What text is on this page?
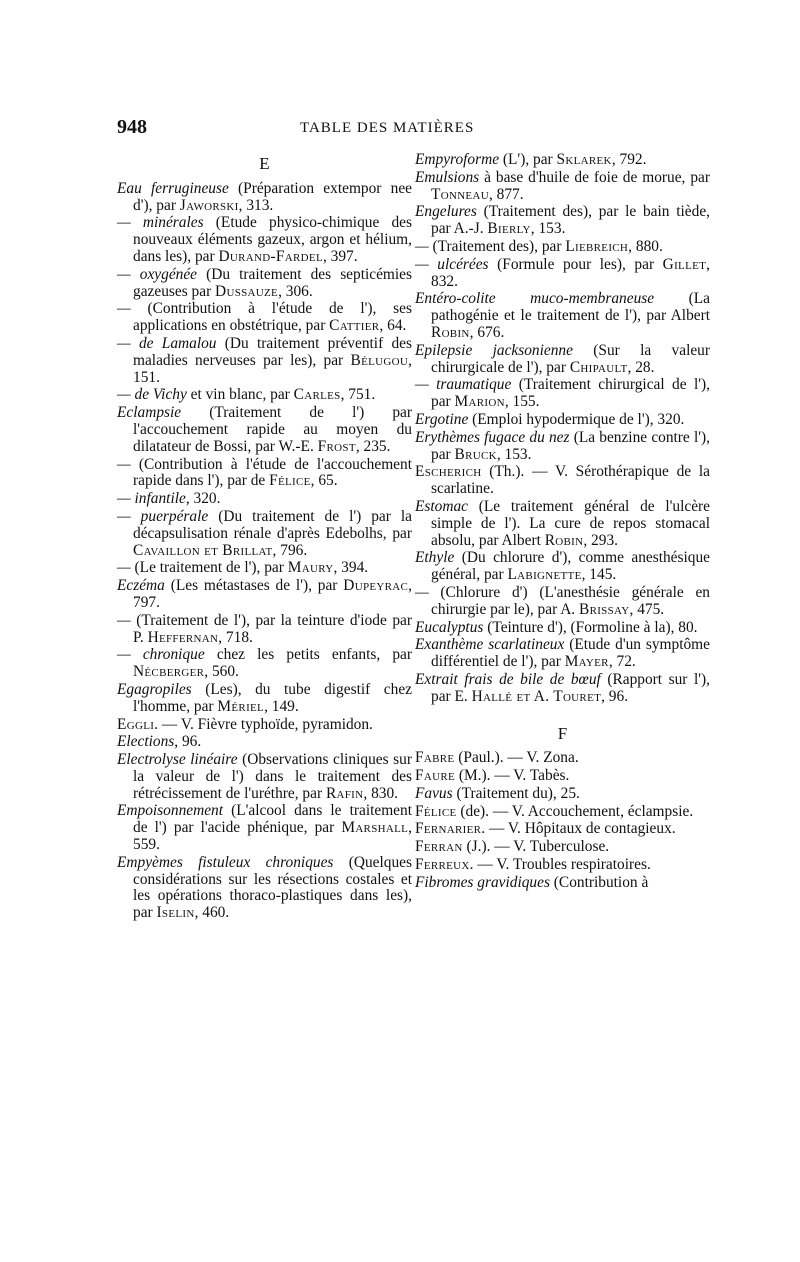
948	TABLE DES MATIÈRES
E

Eau ferrugineuse (Préparation extempor nee d'), par Jaworski, 313.

— minérales (Etude physico-chimique des nouveaux éléments gazeux, argon et hélium, dans les), par Durand-Fardel, 397.

— oxygénée (Du traitement des septicémies gazeuses par Dussauze, 306.

— (Contribution à l'étude de l'), ses applications en obstétrique, par Cattier, 64.

— de Lamalou (Du traitement préventif des maladies nerveuses par les), par Bélugou, 151.

— de Vichy et vin blanc, par Carles, 751.

Eclampsie (Traitement de l') par l'accouchement rapide au moyen du dilatateur de Bossi, par W.-E. Frost, 235.

— (Contribution à l'étude de l'accouchement rapide dans l'), par de Félice, 65.

— infantile, 320.

— puerpérale (Du traitement de l') par la décapsulisation rénale d'après Edebolhs, par Cavaillon et Brillat, 796.

— (Le traitement de l'), par Maury, 394.

Eczéma (Les métastases de l'), par Dupeyrac, 797.

— (Traitement de l'), par la teinture d'iode par P. Heffernan, 718.

— chronique chez les petits enfants, par Nécberger, 560.

Egagropiles (Les), du tube digestif chez l'homme, par Mériel, 149.

Eggli. — V. Fièvre typhoïde, pyramidon.

Elections, 96.

Electrolyse linéaire (Observations cliniques sur la valeur de l') dans le traitement des rétrécissement de l'uréthre, par Rafin, 830.

Empoisonnement (L'alcool dans le traitement de l') par l'acide phénique, par Marshall, 559.

Empyèmes fistuleux chroniques (Quelques considérations sur les résections costales et les opérations thoraco-plastiques dans les), par Iselin, 460.

Empyroforme (L'), par Sklarek, 792.

Emulsions à base d'huile de foie de morue, par Tonneau, 877.

Engelures (Traitement des), par le bain tiède, par A.-J. Bierly, 153.

— (Traitement des), par Liebreich, 880.

— ulcérées (Formule pour les), par Gillet, 832.

Entéro-colite muco-membraneuse (La pathogénie et le traitement de l'), par Albert Robin, 676.

Epilepsie jacksonienne (Sur la valeur chirurgicale de l'), par Chipault, 28.

— traumatique (Traitement chirurgical de l'), par Marion, 155.

Ergotine (Emploi hypodermique de l'), 320.

Erythèmes fugace du nez (La benzine contre l'), par Bruck, 153.

Escherich (Th.). — V. Sérothérapique de la scarlatine.

Estomac (Le traitement général de l'ulcère simple de l'). La cure de repos stomacal absolu, par Albert Robin, 293.

Ethyle (Du chlorure d'), comme anesthésique général, par Labignette, 145.

— (Chlorure d') (L'anesthésie générale en chirurgie par le), par A. Brissay, 475.

Eucalyptus (Teinture d'), (Formoline à la), 80.

Exanthème scarlatineux (Etude d'un symptôme différentiel de l'), par Mayer, 72.

Extrait frais de bile de bœuf (Rapport sur l'), par E. Hallé et A. Touret, 96.

F

Fabre (Paul.). — V. Zona.

Faure (M.). — V. Tabès.

Favus (Traitement du), 25.

Félice (de). — V. Accouchement, éclampsie.

Fernarier. — V. Hôpitaux de contagieux.

Ferran (J.). — V. Tuberculose.

Ferreux. — V. Troubles respiratoires.

Fibromes gravidiques (Contribution à
